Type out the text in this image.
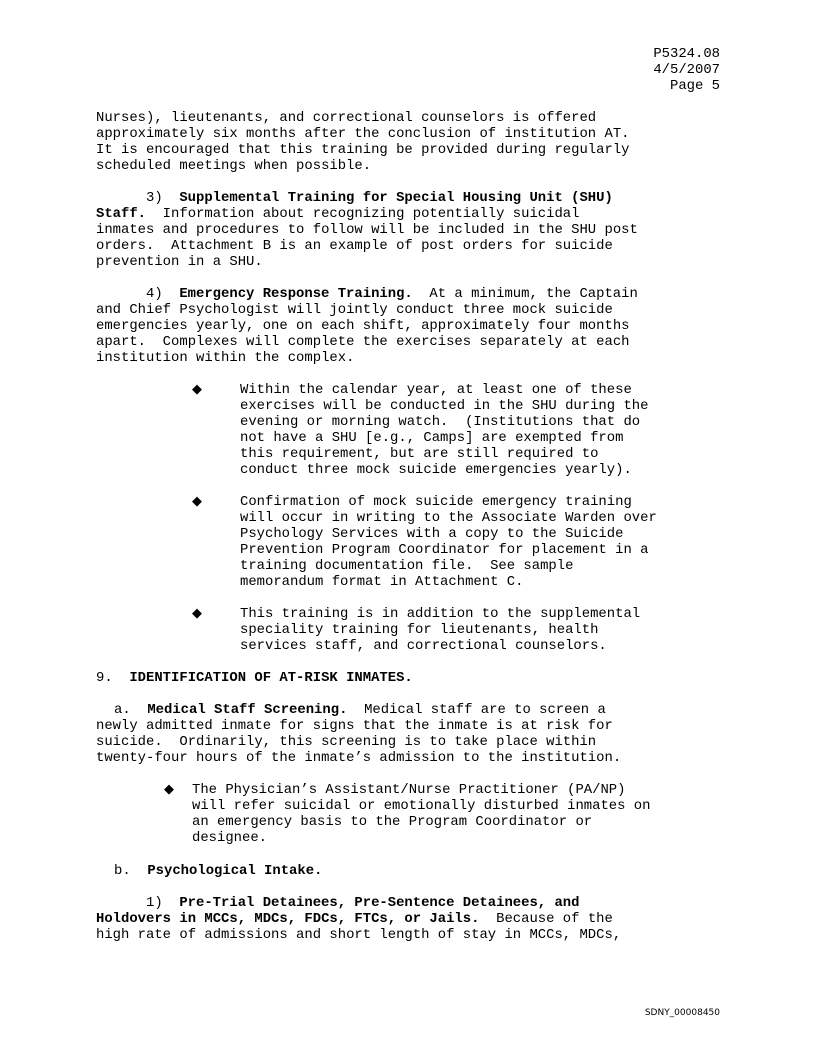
P5324.08
4/5/2007
Page 5
Nurses), lieutenants, and correctional counselors is offered
approximately six months after the conclusion of institution AT.
It is encouraged that this training be provided during regularly
scheduled meetings when possible.
3) Supplemental Training for Special Housing Unit (SHU)
Staff.  Information about recognizing potentially suicidal
inmates and procedures to follow will be included in the SHU post
orders.  Attachment B is an example of post orders for suicide
prevention in a SHU.
4) Emergency Response Training.  At a minimum, the Captain
and Chief Psychologist will jointly conduct three mock suicide
emergencies yearly, one on each shift, approximately four months
apart.  Complexes will complete the exercises separately at each
institution within the complex.
◆	Within the calendar year, at least one of these
exercises will be conducted in the SHU during the
evening or morning watch.  (Institutions that do
not have a SHU [e.g., Camps] are exempted from
this requirement, but are still required to
conduct three mock suicide emergencies yearly).
◆	Confirmation of mock suicide emergency training
will occur in writing to the Associate Warden over
Psychology Services with a copy to the Suicide
Prevention Program Coordinator for placement in a
training documentation file.  See sample
memorandum format in Attachment C.
◆	This training is in addition to the supplemental
speciality training for lieutenants, health
services staff, and correctional counselors.
9. IDENTIFICATION OF AT-RISK INMATES.
a. Medical Staff Screening.  Medical staff are to screen a
newly admitted inmate for signs that the inmate is at risk for
suicide.  Ordinarily, this screening is to take place within
twenty-four hours of the inmate’s admission to the institution.
◆ The Physician’s Assistant/Nurse Practitioner (PA/NP)
will refer suicidal or emotionally disturbed inmates on
an emergency basis to the Program Coordinator or
designee.
b. Psychological Intake.
1) Pre-Trial Detainees, Pre-Sentence Detainees, and
Holdovers in MCCs, MDCs, FDCs, FTCs, or Jails.  Because of the
high rate of admissions and short length of stay in MCCs, MDCs,
SDNY_00008450
